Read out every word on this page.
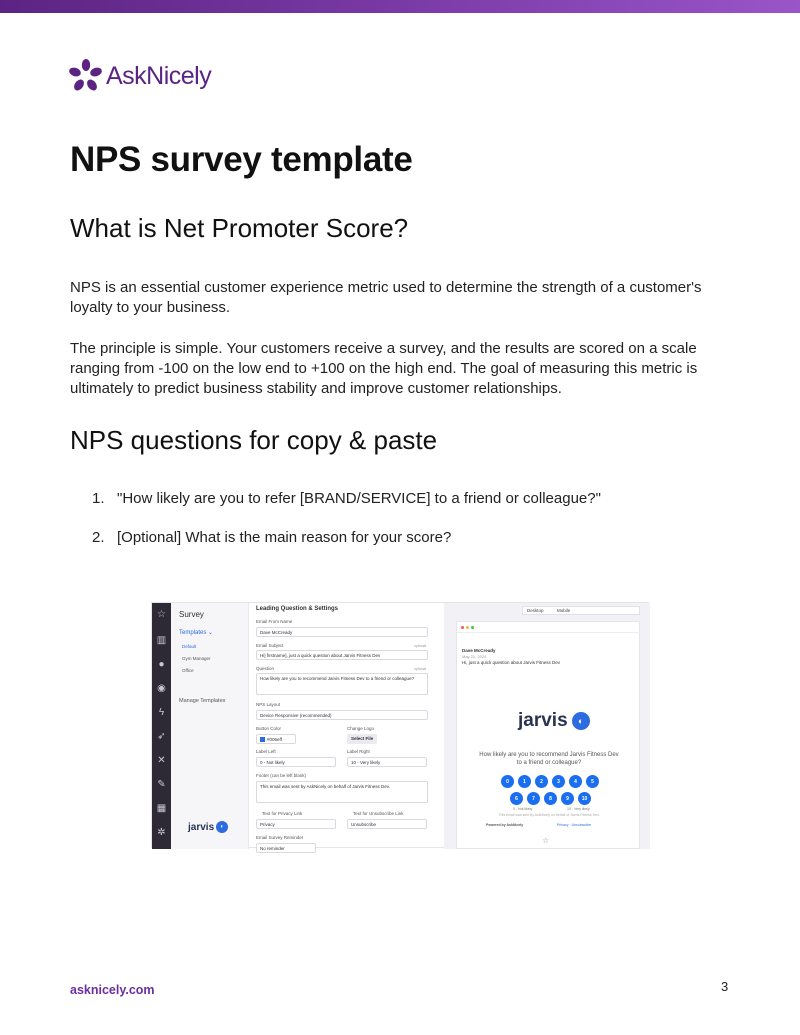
AskNicely
NPS survey template
What is Net Promoter Score?

NPS is an essential customer experience metric used to determine the strength of a customer's loyalty to your business.

The principle is simple. Your customers receive a survey, and the results are scored on a scale ranging from -100 on the low end to +100 on the high end. The goal of measuring this metric is ultimately to predict business stability and improve customer relationships.

NPS questions for copy & paste
1. "How likely are you to refer [BRAND/SERVICE] to a friend or colleague?"
2. [Optional] What is the main reason for your score?
☆
▥
●
◉
ϟ
➶
✕
✎
▦
✲
Survey
Templates ⌄
Default
Gym Manager
Office
Manage Templates
jarvis	◐
Leading Question & Settings
Email From Name
Dave McCready
Email Subject	optional
Hi] firstname], just a quick question about Jarvis Fitness Dev
Question	optional
How likely are you to recommend Jarvis Fitness Dev to a friend or colleague?
NPS Layout
Device Responsive (recommended)
Button Color	Change Logo
#006eff	Select File
Label Left	Label Right
0 - Not likely	10 - Very likely
Footer (can be left blank)
This email was sent by AskNicely on behalf of Jarvis Fitness Dev.
Text for Privacy Link	Text for Unsubscribe Link
Privacy	Unsubscribe
Email Survey Reminder
No reminder
Desktop	Mobile
Dave McCready
May 21, 2024
Hi, just a quick question about Jarvis Fitness Dev
jarvis	◐
How likely are you to recommend Jarvis Fitness Dev to a friend or colleague?
0	1	2	3	4	5
6	7	8	9	10
0 - Not likely	10 - Very likely
This email was sent by AskNicely on behalf of Jarvis Fitness Dev.
Powered by AskNicely	Privacy · Unsubscribe
☆
asknicely.com	3
